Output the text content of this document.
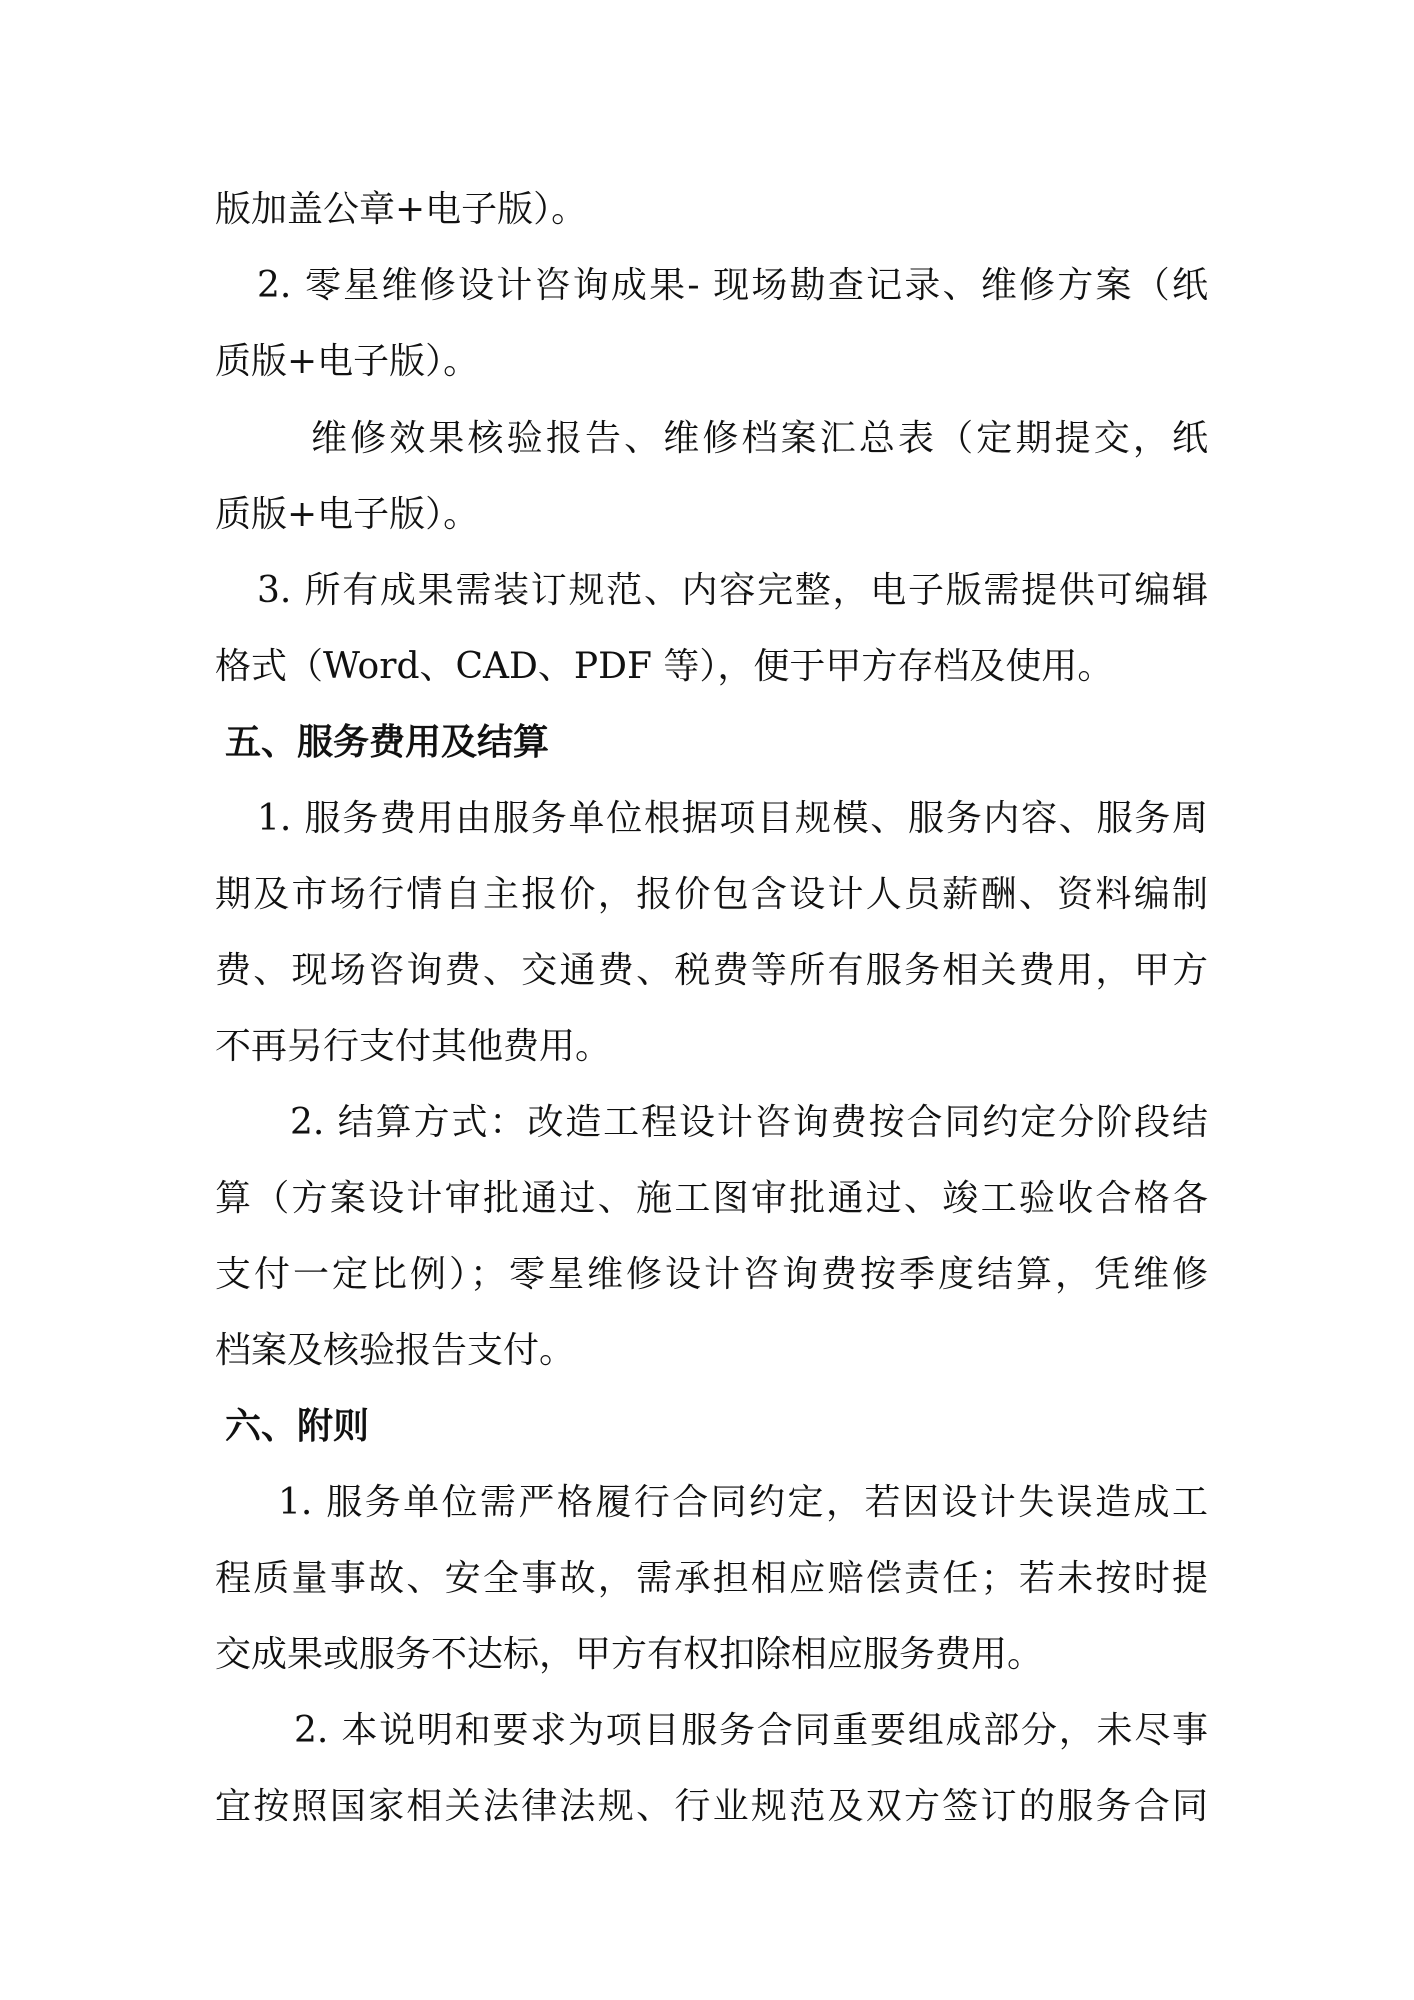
版加盖公章+电子版）。
2. 零星维修设计咨询成果- 现场勘查记录、维修方案（纸
质版+电子版）。
维修效果核验报告、维修档案汇总表（定期提交，纸
质版+电子版）。
3. 所有成果需装订规范、内容完整，电子版需提供可编辑
格式（Word、CAD、PDF 等），便于甲方存档及使用。
五、服务费用及结算
1. 服务费用由服务单位根据项目规模、服务内容、服务周
期及市场行情自主报价，报价包含设计人员薪酬、资料编制
费、现场咨询费、交通费、税费等所有服务相关费用，甲方
不再另行支付其他费用。
2. 结算方式：改造工程设计咨询费按合同约定分阶段结
算（方案设计审批通过、施工图审批通过、竣工验收合格各
支付一定比例）；零星维修设计咨询费按季度结算，凭维修
档案及核验报告支付。
六、附则
1. 服务单位需严格履行合同约定，若因设计失误造成工
程质量事故、安全事故，需承担相应赔偿责任；若未按时提
交成果或服务不达标，甲方有权扣除相应服务费用。
2. 本说明和要求为项目服务合同重要组成部分，未尽事
宜按照国家相关法律法规、行业规范及双方签订的服务合同
